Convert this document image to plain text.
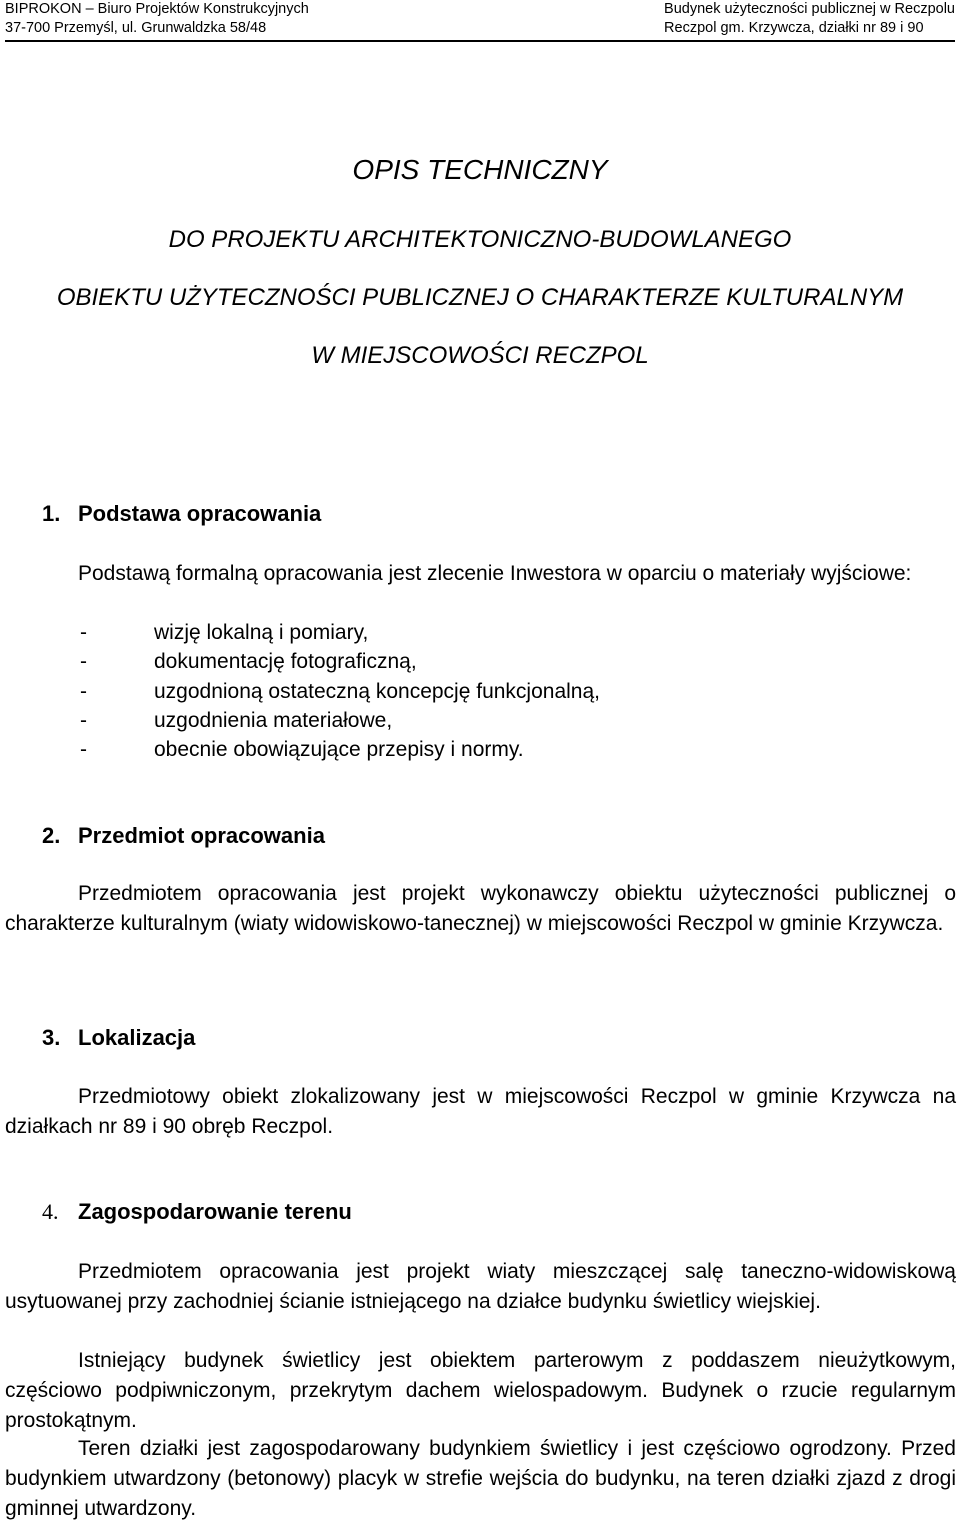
BIPROKON – Biuro Projektów Konstrukcyjnych
37-700 Przemyśl, ul. Grunwaldzka 58/48
Budynek użyteczności publicznej w Reczpolu
Reczpol gm. Krzywcza, działki nr 89 i 90
OPIS TECHNICZNY
DO PROJEKTU ARCHITEKTONICZNO-BUDOWLANEGO
OBIEKTU UŻYTECZNOŚCI PUBLICZNEJ O CHARAKTERZE KULTURALNYM
W MIEJSCOWOŚCI RECZPOL
1. Podstawa opracowania

Podstawą formalną opracowania jest zlecenie Inwestora w oparciu o materiały wyjściowe:

-	wizję lokalną i pomiary,
-	dokumentację fotograficzną,
-	uzgodnioną ostateczną koncepcję funkcjonalną,
-	uzgodnienia materiałowe,
-	obecnie obowiązujące przepisy i normy.
2. Przedmiot opracowania

Przedmiotem opracowania jest projekt wykonawczy obiektu użyteczności publicznej o charakterze kulturalnym (wiaty widowiskowo-tanecznej) w miejscowości Reczpol w gminie Krzywcza.

3. Lokalizacja

Przedmiotowy obiekt zlokalizowany jest w miejscowości Reczpol w gminie Krzywcza na działkach nr 89 i 90 obręb Reczpol.

4. Zagospodarowanie terenu

Przedmiotem opracowania jest projekt wiaty mieszczącej salę taneczno-widowiskową usytuowanej przy zachodniej ścianie istniejącego na działce budynku świetlicy wiejskiej.

Istniejący budynek świetlicy jest obiektem parterowym z poddaszem nieużytkowym, częściowo podpiwniczonym, przekrytym dachem wielospadowym. Budynek o rzucie regularnym prostokątnym.

Teren działki jest zagospodarowany budynkiem świetlicy i jest częściowo ogrodzony. Przed budynkiem utwardzony (betonowy) placyk w strefie wejścia do budynku, na teren działki zjazd z drogi gminnej utwardzony.
